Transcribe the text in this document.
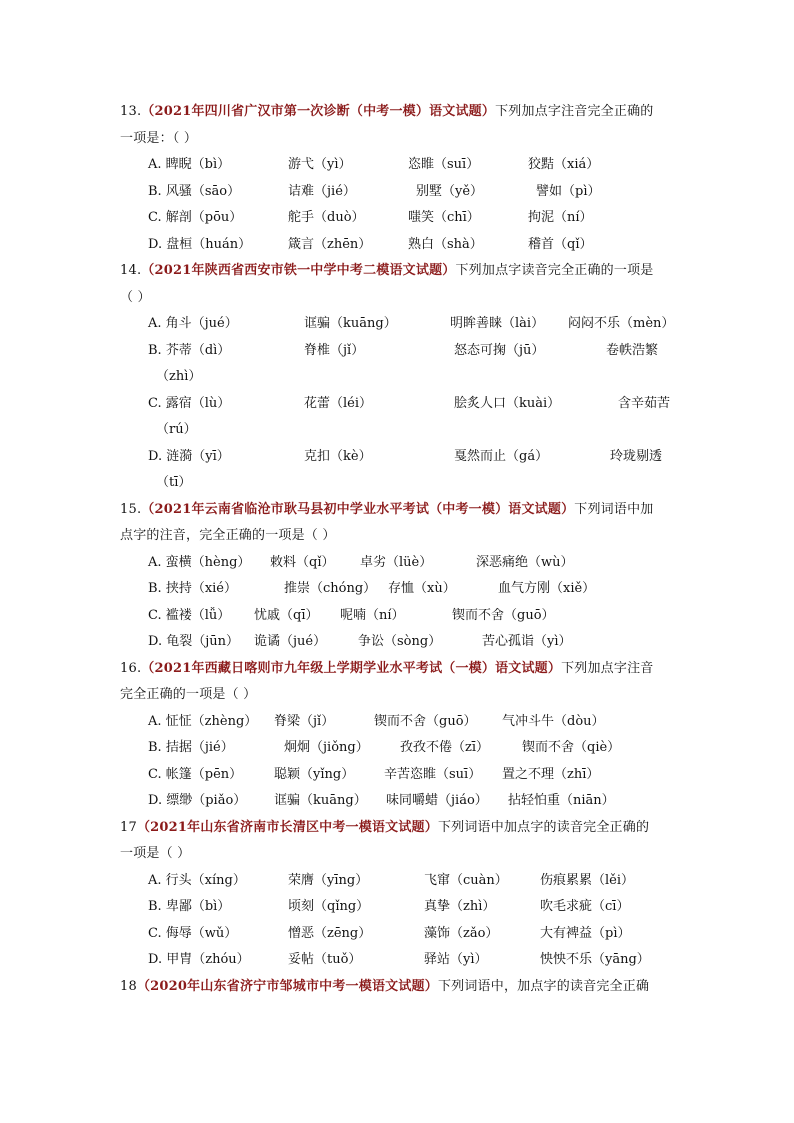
13.（2021年四川省广汉市第一次诊断（中考一模）语文试题）下列加点字注音完全正确的
一项是：（ ）
A. 睥睨（bì）	游弋（yì）	恣睢（suī）	狡黠（xiá）
B. 风骚（sāo）	诘难（jié）	别墅（yě）	譬如（pì）
C. 解剖（pōu）	舵手（duò）	嗤笑（chī）	拘泥（ní）
D. 盘桓（huán）	箴言（zhēn）	熟白（shà）	稽首（qǐ）
14.（2021年陕西省西安市铁一中学中考二模语文试题）下列加点字读音完全正确的一项是
（ ）
A. 角斗（jué）	诓骗（kuāng）	明眸善睐（lài） 闷闷不乐（mèn）
B. 芥蒂（dì）	脊椎（jǐ）	怒态可掬（jū）	卷帙浩繁
（zhì）
C. 露宿（lù）	花蕾（léi）	脍炙人口（kuài）	含辛茹苦
（rú）
D. 涟漪（yī）	克扣（kè）	戛然而止（gá）	玲珑剔透
（tī）
15.（2021年云南省临沧市耿马县初中学业水平考试（中考一模）语文试题）下列词语中加
点字的注音，完全正确的一项是（ ）
A. 蛮横（hèng） 敕料（qǐ） 卓劣（lüè）	深恶痛绝（wù）
B. 挟持（xié）	推崇（chóng） 存恤（xù）	血气方刚（xiě）
C. 褴褛（lǚ） 忧戚（qī） 呢喃（ní）	锲而不舍（guō）
D. 龟裂（jūn） 诡谲（jué） 争讼（sòng）	苦心孤诣（yì）
16.（2021年西藏日喀则市九年级上学期学业水平考试（一模）语文试题）下列加点字注音
完全正确的一项是（ ）
A. 怔怔（zhèng） 脊梁（jǐ）	锲而不舍（guō） 气冲斗牛（dòu）
B. 拮据（jié）	炯炯（jiǒng） 孜孜不倦（zī）	锲而不舍（qiè）
C. 帐篷（pēn） 聪颖（yǐng） 辛苦恣睢（suī） 置之不理（zhī）
D. 缥缈（piǎo） 诓骗（kuāng） 味同嚼蜡（jiáo） 拈轻怕重（niān）
17（2021年山东省济南市长清区中考一模语文试题）下列词语中加点字的读音完全正确的
一项是（ ）
A. 行头（xíng）	荣膺（yīng）	飞窜（cuàn） 伤痕累累（lěi）
B. 卑鄙（bì）	顷刻（qǐng）	真挚（zhì）	吹毛求疵（cī）
C. 侮辱（wǔ）	憎恶（zēng）	藻饰（zǎo）	大有裨益（pì）
D. 甲胄（zhóu）	妥帖（tuǒ）	驿站（yì）	怏怏不乐（yāng）
18（2020年山东省济宁市邹城市中考一模语文试题）下列词语中，加点字的读音完全正确
